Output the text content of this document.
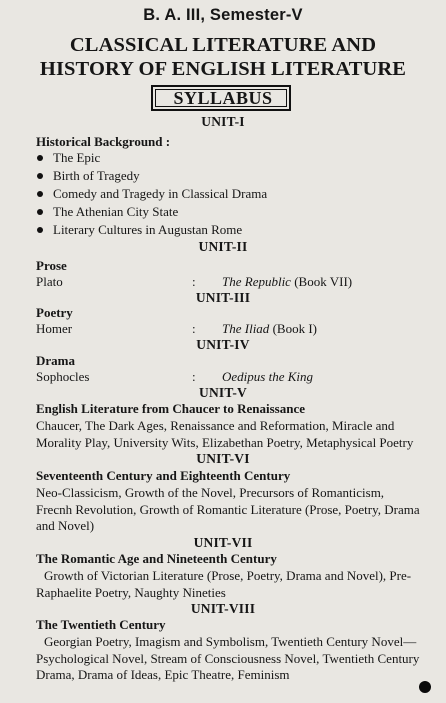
B. A. III, Semester-V
CLASSICAL LITERATURE AND
HISTORY OF ENGLISH LITERATURE
SYLLABUS
UNIT-I
Historical Background :
The Epic
Birth of Tragedy
Comedy and Tragedy in Classical Drama
The Athenian City State
Literary Cultures in Augustan Rome
UNIT-II
Prose
Plato	: The Republic (Book VII)
UNIT-III
Poetry
Homer	: The Iliad (Book I)
UNIT-IV
Drama
Sophocles	: Oedipus the King
UNIT-V
English Literature from Chaucer to Renaissance
Chaucer, The Dark Ages, Renaissance and Reformation, Miracle and
Morality Play, University Wits, Elizabethan Poetry, Metaphysical Poetry
UNIT-VI
Seventeenth Century and Eighteenth Century
Neo-Classicism, Growth of the Novel, Precursors of Romanticism,
Frecnh Revolution, Growth of Romantic Literature (Prose, Poetry, Drama
and Novel)
UNIT-VII
The Romantic Age and Nineteenth Century
Growth of Victorian Literature (Prose, Poetry, Drama and Novel), Pre-
Raphaelite Poetry, Naughty Nineties
UNIT-VIII
The Twentieth Century
Georgian Poetry, Imagism and Symbolism, Twentieth Century Novel—
Psychological Novel, Stream of Consciousness Novel, Twentieth Century
Drama, Drama of Ideas, Epic Theatre, Feminism
